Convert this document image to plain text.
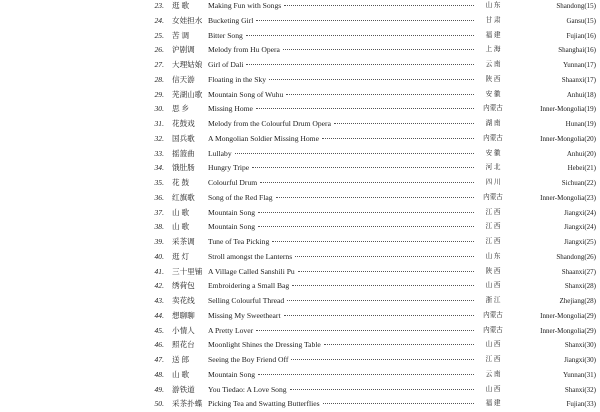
23. 逛 歌	Making Fun with Songs	山 东	Shandong(15)
24. 女娃担水 Bucketing Girl	甘 肃	Gansu(15)
25. 苦 调	Bitter Song	福 建	Fujian(16)
26. 沪剧调	Melody from Hu Opera	上 海	Shanghai(16)
27. 大理姑娘 Girl of Dali	云 南	Yunnan(17)
28. 信天游	Floating in the Sky	陕 西	Shaanxi(17)
29. 芜湖山歌 Mountain Song of Wuhu	安 徽	Anhui(18)
30. 思 乡	Missing Home	内蒙古	Inner-Mongolia(19)
31. 花鼓戏	Melody from the Colourful Drum Opera	湖 南	Hunan(19)
32. 国兵歌	A Mongolian Soldier Missing Home	内蒙古	Inner-Mongolia(20)
33. 摇篮曲	Lullaby	安 徽	Anhui(20)
34. 饿肚肠	Hungry Tripe	河 北	Hebei(21)
35. 花 鼓	Colourful Drum	四 川	Sichuan(22)
36. 红旗歌	Song of the Red Flag	内蒙古	Inner-Mongolia(23)
37. 山 歌	Mountain Song	江 西	Jiangxi(24)
38. 山 歌	Mountain Song	江 西	Jiangxi(24)
39. 采茶调	Tune of Tea Picking	江 西	Jiangxi(25)
40. 逛 灯	Stroll amongst the Lanterns	山 东	Shandong(26)
41. 三十里铺 A Village Called Sanshili Pu	陕 西	Shaanxi(27)
42. 绣荷包	Embroidering a Small Bag	山 西	Shanxi(28)
43. 卖花线	Selling Colourful Thread	浙 江	Zhejiang(28)
44. 想聊聊	Missing My Sweetheart	内蒙古	Inner-Mongolia(29)
45. 小情人	A Pretty Lover	内蒙古	Inner-Mongolia(29)
46. 照花台	Moonlight Shines the Dressing Table	山 西	Shanxi(30)
47. 送 郎	Seeing the Boy Friend Off	江 西	Jiangxi(30)
48. 山 歌	Mountain Song	云 南	Yunnan(31)
49. 游铁道	You Tiedao: A Love Song	山 西	Shanxi(32)
50. 采茶扑蝶 Picking Tea and Swatting Butterflies	福 建	Fujian(33)
